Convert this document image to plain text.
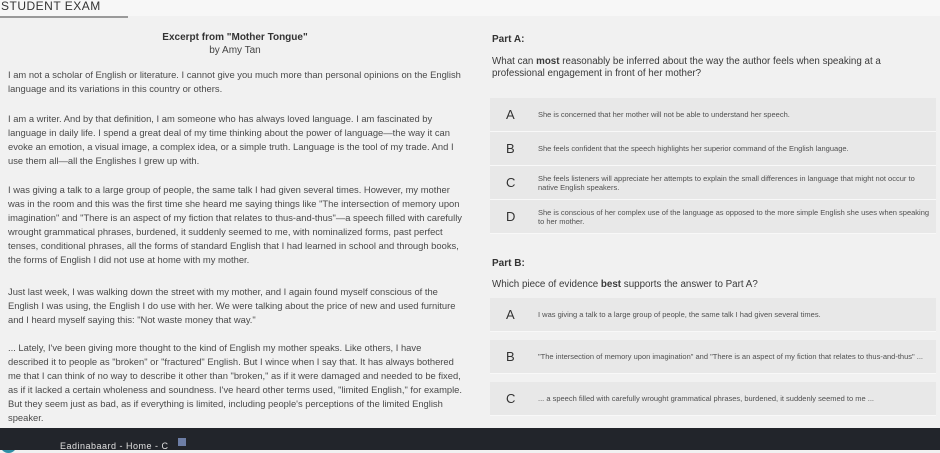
STUDENT EXAM
Excerpt from "Mother Tongue"
by Amy Tan
I am not a scholar of English or literature. I cannot give you much more than personal opinions on the English language and its variations in this country or others.
I am a writer. And by that definition, I am someone who has always loved language. I am fascinated by language in daily life. I spend a great deal of my time thinking about the power of language—the way it can evoke an emotion, a visual image, a complex idea, or a simple truth. Language is the tool of my trade. And I use them all—all the Englishes I grew up with.
I was giving a talk to a large group of people, the same talk I had given several times. However, my mother was in the room and this was the first time she heard me saying things like "The intersection of memory upon imagination" and "There is an aspect of my fiction that relates to thus-and-thus"—a speech filled with carefully wrought grammatical phrases, burdened, it suddenly seemed to me, with nominalized forms, past perfect tenses, conditional phrases, all the forms of standard English that I had learned in school and through books, the forms of English I did not use at home with my mother.
Just last week, I was walking down the street with my mother, and I again found myself conscious of the English I was using, the English I do use with her. We were talking about the price of new and used furniture and I heard myself saying this: "Not waste money that way."
... Lately, I've been giving more thought to the kind of English my mother speaks. Like others, I have described it to people as "broken" or "fractured" English. But I wince when I say that. It has always bothered me that I can think of no way to describe it other than "broken," as if it were damaged and needed to be fixed, as if it lacked a certain wholeness and soundness. I've heard other terms used, "limited English," for example. But they seem just as bad, as if everything is limited, including people's perceptions of the limited English speaker.
Part A:
What can most reasonably be inferred about the way the author feels when speaking at a professional engagement in front of her mother?
A	She is concerned that her mother will not be able to understand her speech.
B	She feels confident that the speech highlights her superior command of the English language.
C	She feels listeners will appreciate her attempts to explain the small differences in language that might not occur to native English speakers.
D	She is conscious of her complex use of the language as opposed to the more simple English she uses when speaking to her mother.
Part B:
Which piece of evidence best supports the answer to Part A?
A	I was giving a talk to a large group of people, the same talk I had given several times.
B	"The intersection of memory upon imagination" and "There is an aspect of my fiction that relates to thus-and-thus" ...
C	... a speech filled with carefully wrought grammatical phrases, burdened, it suddenly seemed to me ...
Eadinabaard - Home - C
